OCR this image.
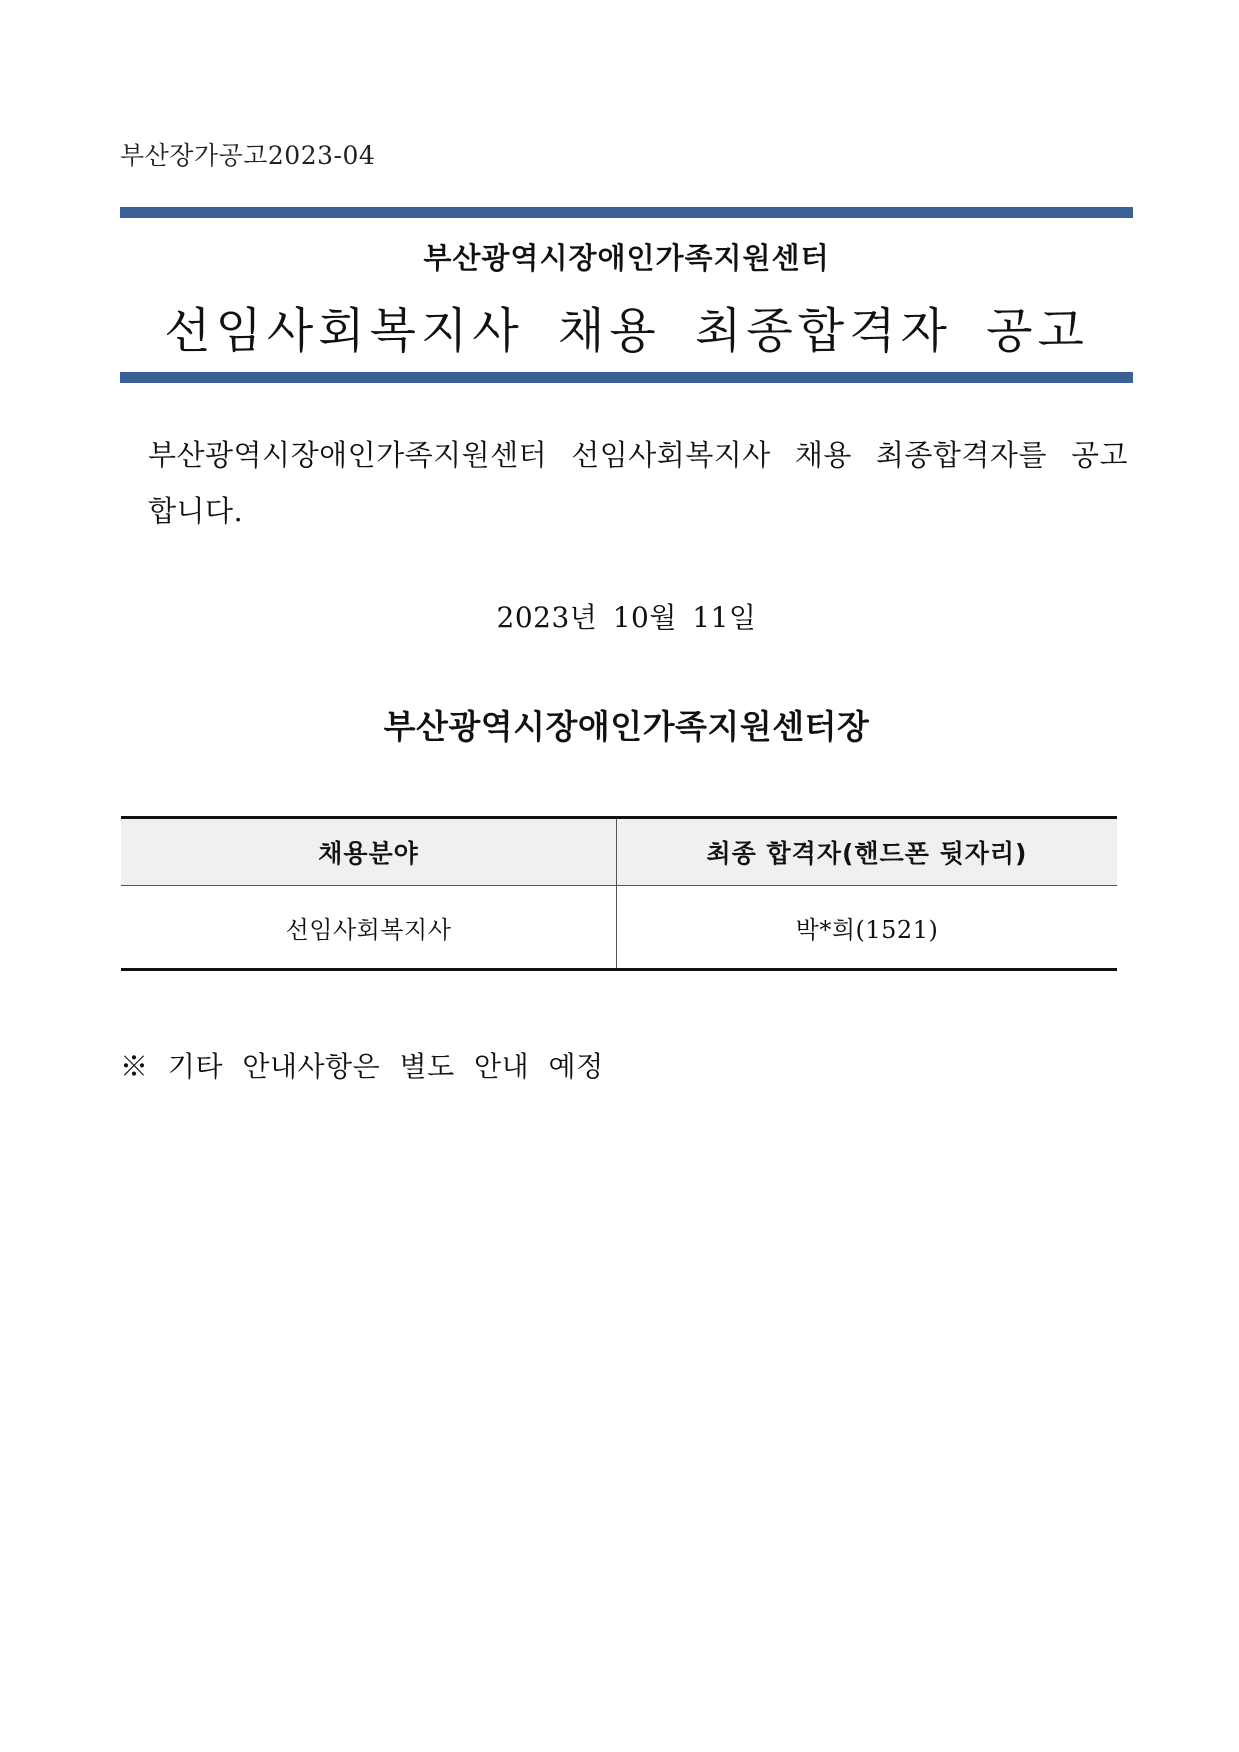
부산장가공고2023-04
부산광역시장애인가족지원센터
선임사회복지사 채용 최종합격자 공고
부산광역시장애인가족지원센터 선임사회복지사 채용 최종합격자를 공고합니다.
2023년 10월 11일
부산광역시장애인가족지원센터장
채용분야	최종 합격자(핸드폰 뒷자리)
선임사회복지사	박*희(1521)
※ 기타 안내사항은 별도 안내 예정
